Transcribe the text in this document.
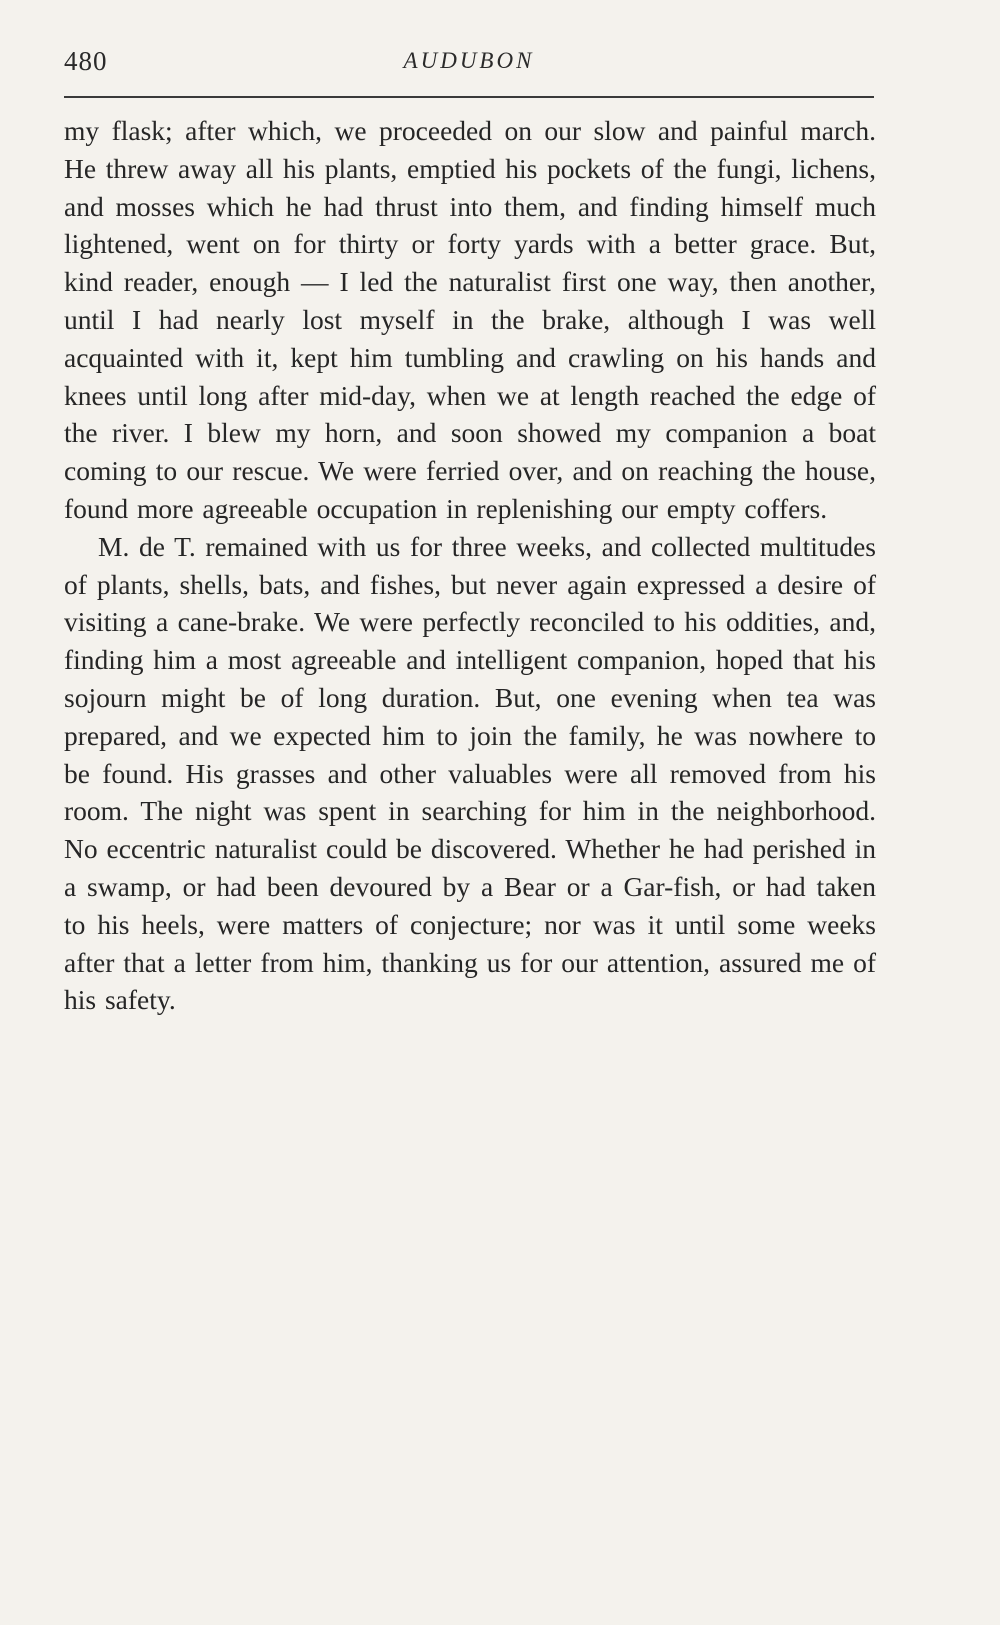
480	AUDUBON

my flask; after which, we proceeded on our slow and painful march. He threw away all his plants, emptied his pockets of the fungi, lichens, and mosses which he had thrust into them, and finding himself much lightened, went on for thirty or forty yards with a better grace. But, kind reader, enough — I led the naturalist first one way, then another, until I had nearly lost myself in the brake, although I was well acquainted with it, kept him tumbling and crawling on his hands and knees until long after mid-day, when we at length reached the edge of the river. I blew my horn, and soon showed my companion a boat coming to our rescue. We were ferried over, and on reaching the house, found more agreeable occupation in replenishing our empty coffers.

M. de T. remained with us for three weeks, and collected multitudes of plants, shells, bats, and fishes, but never again expressed a desire of visiting a cane-brake. We were perfectly reconciled to his oddities, and, finding him a most agreeable and intelligent companion, hoped that his sojourn might be of long duration. But, one evening when tea was prepared, and we expected him to join the family, he was nowhere to be found. His grasses and other valuables were all removed from his room. The night was spent in searching for him in the neighborhood. No eccentric naturalist could be discovered. Whether he had perished in a swamp, or had been devoured by a Bear or a Gar-fish, or had taken to his heels, were matters of conjecture; nor was it until some weeks after that a letter from him, thanking us for our attention, assured me of his safety.
